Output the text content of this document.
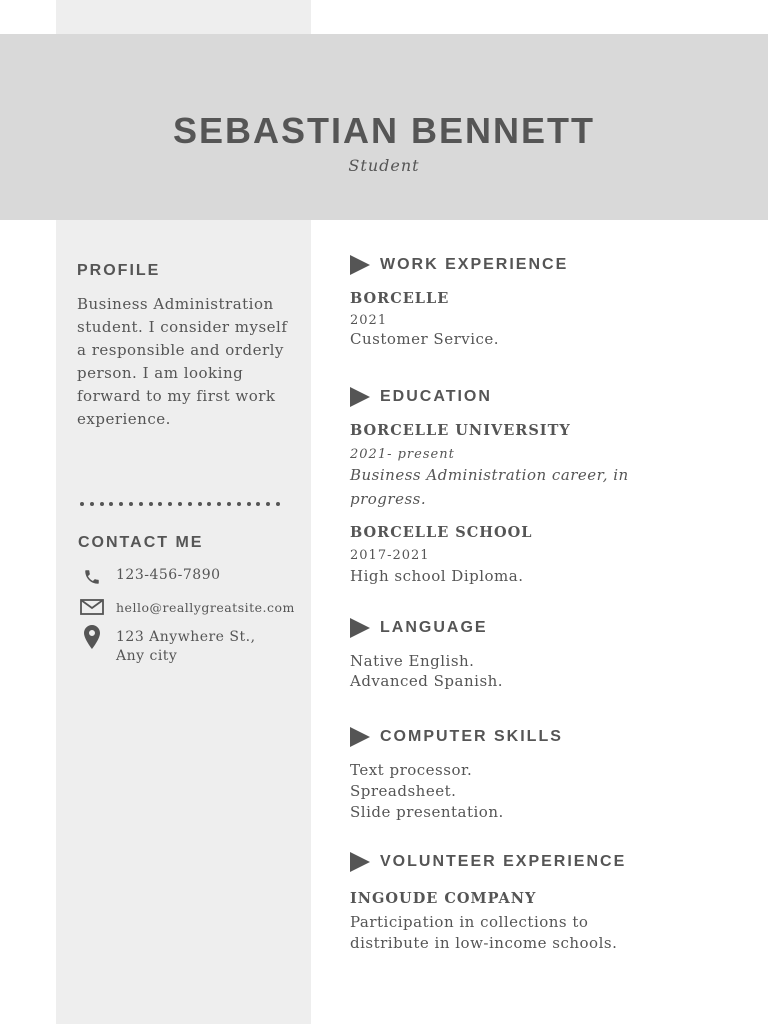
SEBASTIAN BENNETT
Student
PROFILE
Business Administration student. I consider myself a responsible and orderly person. I am looking forward to my first work experience.
CONTACT ME
123-456-7890
hello@reallygreatsite.com
123 Anywhere St.,
Any city
WORK EXPERIENCE
BORCELLE
2021
Customer Service.
EDUCATION
BORCELLE UNIVERSITY
2021- present
Business Administration career, in progress.
BORCELLE SCHOOL
2017-2021
High school Diploma.
LANGUAGE
Native English.
Advanced Spanish.
COMPUTER SKILLS
Text processor.
Spreadsheet.
Slide presentation.
VOLUNTEER EXPERIENCE
INGOUDE COMPANY
Participation in collections to distribute in low-income schools.
